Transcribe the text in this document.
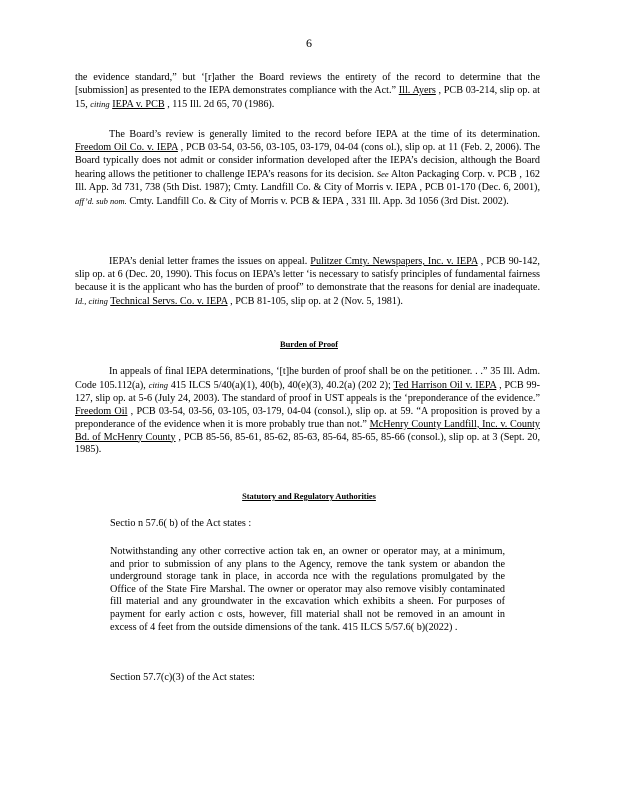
6

the evidence standard,” but ‘[r]ather the Board reviews the entirety of the record to determine that the [submission] as presented to the IEPA demonstrates compliance with the Act.” Ill. Ayers , PCB 03-214, slip op. at 15, citing IEPA v. PCB , 115 Ill. 2d 65, 70 (1986).

The Board’s review is generally limited to the record before IEPA at the time of its determination. Freedom Oil Co. v. IEPA , PCB 03-54, 03-56, 03-105, 03-179, 04-04 (cons ol.), slip op. at 11 (Feb. 2, 2006). The Board typically does not admit or consider information developed after the IEPA’s decision, although the Board hearing allows the petitioner to challenge IEPA’s reasons for its decision. See Alton Packaging Corp. v. PCB , 162 Ill. App. 3d 731, 738 (5th Dist. 1987); Cmty. Landfill Co. & City of Morris v. IEPA , PCB 01-170 (Dec. 6, 2001), aff’d. sub nom. Cmty. Landfill Co. & City of Morris v. PCB & IEPA , 331 Ill. App. 3d 1056 (3rd Dist. 2002).

IEPA’s denial letter frames the issues on appeal. Pulitzer Cmty. Newspapers, Inc. v. IEPA , PCB 90-142, slip op. at 6 (Dec. 20, 1990). This focus on IEPA’s letter ‘is necessary to satisfy principles of fundamental fairness because it is the applicant who has the burden of proof” to demonstrate that the reasons for denial are inadequate. Id., citing Technical Servs. Co. v. IEPA , PCB 81-105, slip op. at 2 (Nov. 5, 1981).

Burden of Proof

In appeals of final IEPA determinations, ‘[t]he burden of proof shall be on the petitioner. . .” 35 Ill. Adm. Code 105.112(a), citing 415 ILCS 5/40(a)(1), 40(b), 40(e)(3), 40.2(a) (202 2); Ted Harrison Oil v. IEPA , PCB 99-127, slip op. at 5-6 (July 24, 2003). The standard of proof in UST appeals is the ‘preponderance of the evidence.” Freedom Oil , PCB 03-54, 03-56, 03-105, 03-179, 04-04 (consol.), slip op. at 59. “A proposition is proved by a preponderance of the evidence when it is more probably true than not.” McHenry County Landfill, Inc. v. County Bd. of McHenry County , PCB 85-56, 85-61, 85-62, 85-63, 85-64, 85-65, 85-66 (consol.), slip op. at 3 (Sept. 20, 1985).

Statutory and Regulatory Authorities

Sectio n 57.6( b) of the Act states :

Notwithstanding any other corrective action tak en, an owner or operator may, at a minimum, and prior to submission of any plans to the Agency, remove the tank system or abandon the underground storage tank in place, in accorda nce with the regulations promulgated by the Office of the State Fire Marshal. The owner or operator may also remove visibly contaminated fill material and any groundwater in the excavation which exhibits a sheen. For purposes of payment for early action c osts, however, fill material shall not be removed in an amount in excess of 4 feet from the outside dimensions of the tank. 415 ILCS 5/57.6( b)(2022) .

Section 57.7(c)(3) of the Act states:
